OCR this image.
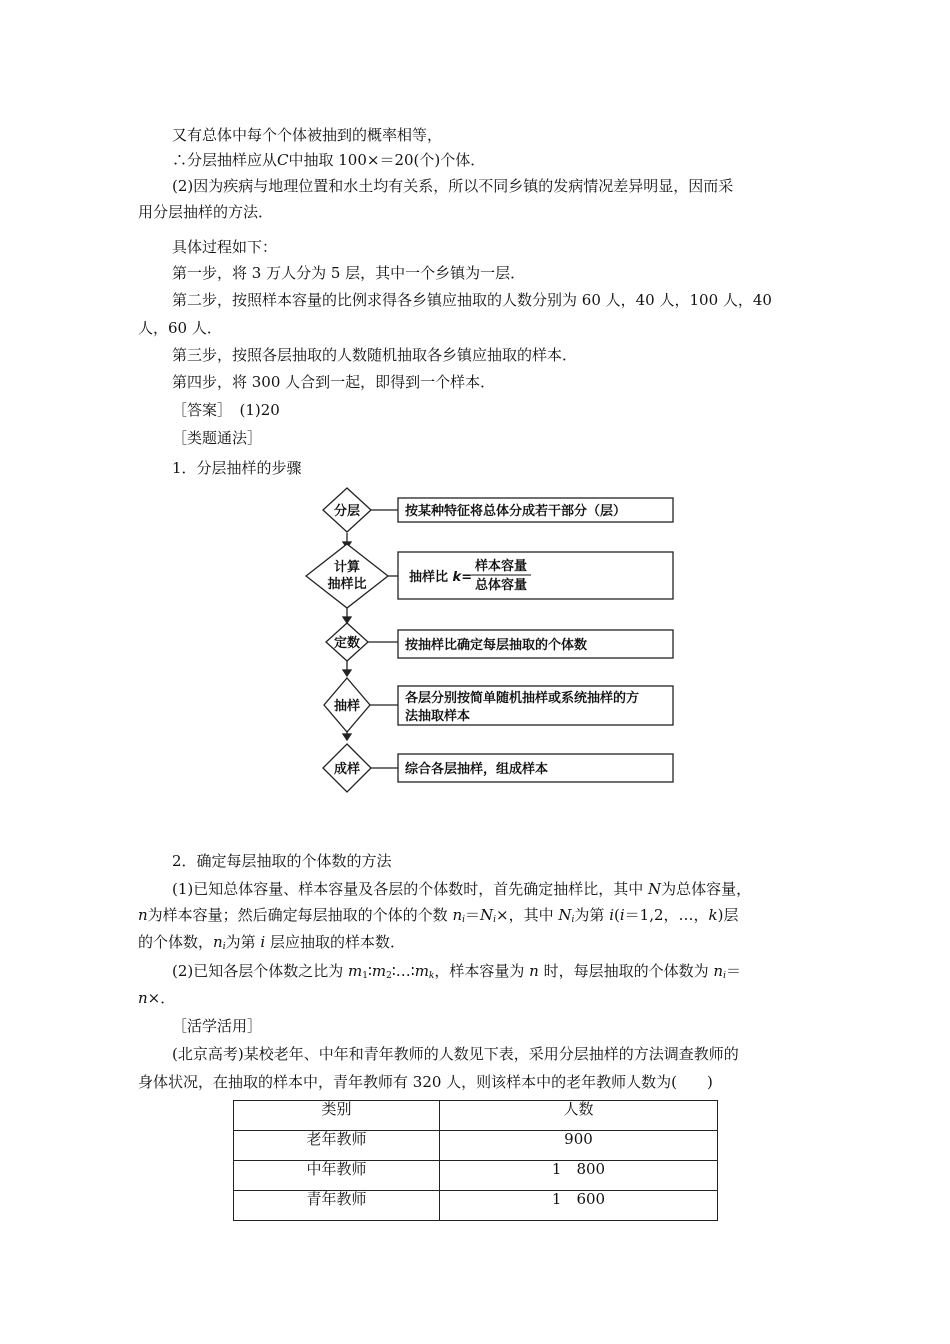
又有总体中每个个体被抽到的概率相等，
∴分层抽样应从C中抽取 100×＝20(个)个体．
(2)因为疾病与地理位置和水土均有关系，所以不同乡镇的发病情况差异明显，因而采
用分层抽样的方法．
具体过程如下：
第一步，将 3 万人分为 5 层，其中一个乡镇为一层．
第二步，按照样本容量的比例求得各乡镇应抽取的人数分别为 60 人，40 人，100 人，40
人，60 人．
第三步，按照各层抽取的人数随机抽取各乡镇应抽取的样本．
第四步，将 300 人合到一起，即得到一个样本．
［答案］　(1)20
［类题通法］
1．分层抽样的步骤
分层
计算
抽样比
定数
抽样
成样
按某种特征将总体分成若干部分（层）
抽样比 k=
样本容量
总体容量
按抽样比确定每层抽取的个体数
各层分别按简单随机抽样或系统抽样的方
法抽取样本
综合各层抽样，组成样本
2．确定每层抽取的个体数的方法
(1)已知总体容量、样本容量及各层的个体数时，首先确定抽样比，其中 N为总体容量，
n为样本容量；然后确定每层抽取的个体的个数 $n_i=N_i\times$，其中 $N_i$为第 i(i＝1,2，…，k)层
的个体数，$n_i$为第 i 层应抽取的样本数．
(2)已知各层个体数之比为 $m_1∶m_2∶\dots∶m_k$，样本容量为 n 时，每层抽取的个体数为 $n_i=$
n×．
［活学活用］
(北京高考)某校老年、中年和青年教师的人数见下表，采用分层抽样的方法调查教师的
身体状况，在抽取的样本中，青年教师有 320 人，则该样本中的老年教师人数为(　　)
类别	人数
老年教师	900
中年教师	1　800
青年教师	1　600
